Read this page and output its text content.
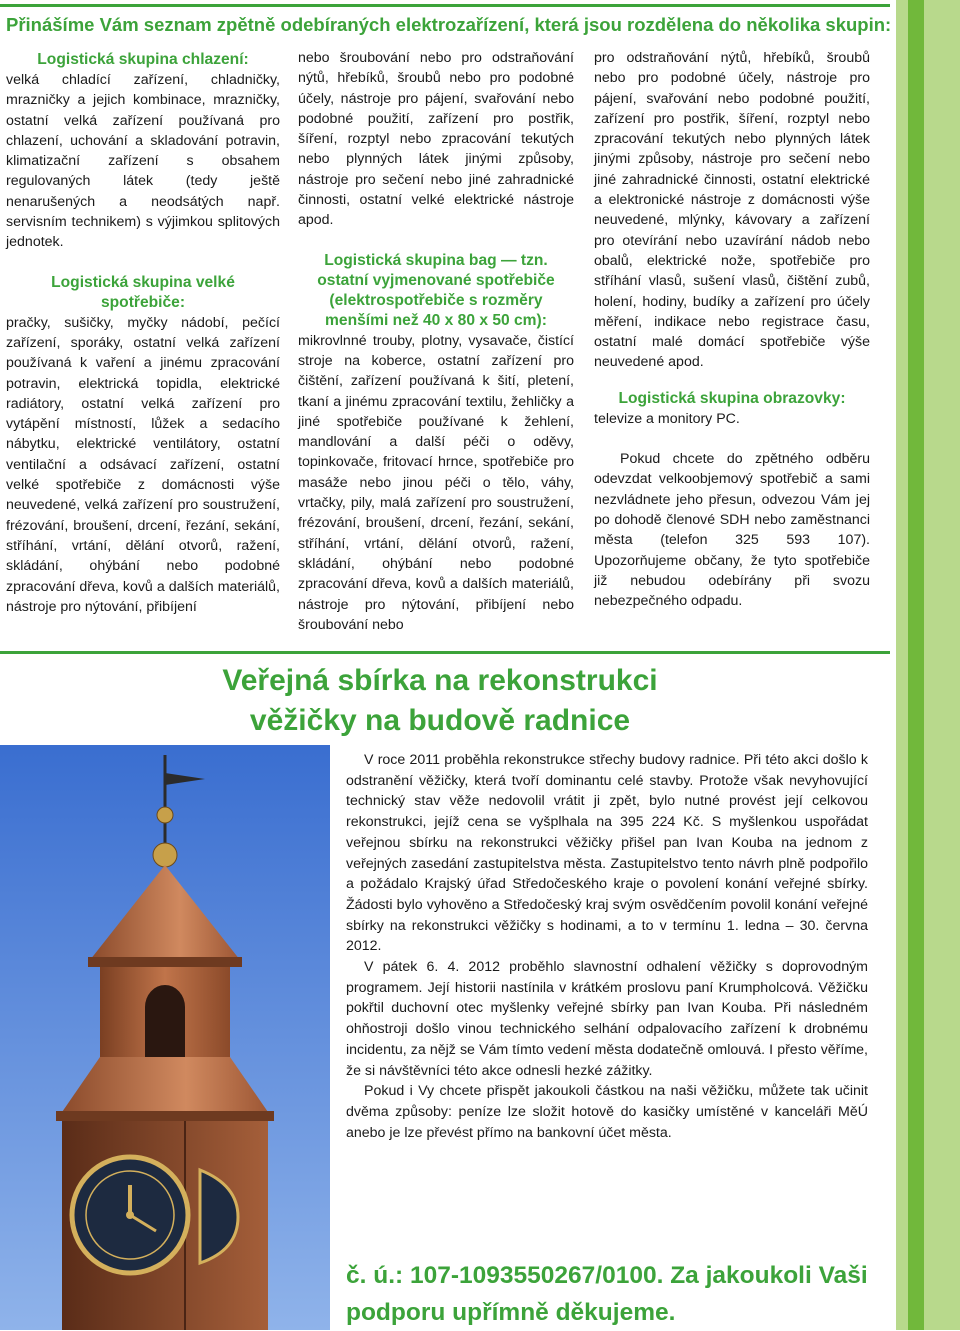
Přinášíme Vám seznam zpětně odebíraných elektrozařízení, která jsou rozdělena do několika skupin:
Logistická skupina chlazení:

velká chladící zařízení, chladničky, mrazničky a jejich kombinace, mrazničky, ostatní velká zařízení používaná pro chlazení, uchování a skladování potravin, klimatizační zařízení s obsahem regulovaných látek (tedy ještě nenarušených a neodsátých např. servisním technikem) s výjimkou splitových jednotek.

Logistická skupina velké
spotřebiče:

pračky, sušičky, myčky nádobí, pečící zařízení, sporáky, ostatní velká zařízení používaná k vaření a jinému zpracování potravin, elektrická topidla, elektrické radiátory, ostatní velká zařízení pro vytápění místností, lůžek a sedacího nábytku, elektrické ventilátory, ostatní ventilační a odsávací zařízení, ostatní velké spotřebiče z domácnosti výše neuvedené, velká zařízení pro soustružení, frézování, broušení, drcení, řezání, sekání, stříhání, vrtání, dělání otvorů, ražení, skládání, ohýbání nebo podobné zpracování dřeva, kovů a dalších materiálů, nástroje pro nýtování, přibíjení

nebo šroubování nebo pro odstraňování nýtů, hřebíků, šroubů nebo pro podobné účely, nástroje pro pájení, svařování nebo podobné použití, zařízení pro postřik, šíření, rozptyl nebo zpracování tekutých nebo plynných látek jinými způsoby, nástroje pro sečení nebo jiné zahradnické činnosti, ostatní velké elektrické nástroje apod.

Logistická skupina bag — tzn.
ostatní vyjmenované spotřebiče
(elektrospotřebiče s rozměry
menšími než 40 x 80 x 50 cm):

mikrovlnné trouby, plotny, vysavače, čistící stroje na koberce, ostatní zařízení pro čištění, zařízení používaná k šití, pletení, tkaní a jinému zpracování textilu, žehličky a jiné spotřebiče používané k žehlení, mandlování a další péči o oděvy, topinkovače, fritovací hrnce, spotřebiče pro masáže nebo jinou péči o tělo, váhy, vrtačky, pily, malá zařízení pro soustružení, frézování, broušení, drcení, řezání, sekání, stříhání, vrtání, dělání otvorů, ražení, skládání, ohýbání nebo podobné zpracování dřeva, kovů a dalších materiálů, nástroje pro nýtování, přibíjení nebo šroubování nebo

pro odstraňování nýtů, hřebíků, šroubů nebo pro podobné účely, nástroje pro pájení, svařování nebo podobné použití, zařízení pro postřik, šíření, rozptyl nebo zpracování tekutých nebo plynných látek jinými způsoby, nástroje pro sečení nebo jiné zahradnické činnosti, ostatní elektrické a elektronické nástroje z domácnosti výše neuvedené, mlýnky, kávovary a zařízení pro otevírání nebo uzavírání nádob nebo obalů, elektrické nože, spotřebiče pro stříhání vlasů, sušení vlasů, čištění zubů, holení, hodiny, budíky a zařízení pro účely měření, indikace nebo registrace času, ostatní malé domácí spotřebiče výše neuvedené apod.

Logistická skupina obrazovky:

televize a monitory PC.

Pokud chcete do zpětného odběru odevzdat velkoobjemový spotřebič a sami nezvládnete jeho přesun, odvezou Vám jej po dohodě členové SDH nebo zaměstnanci města (telefon 325 593 107). Upozorňujeme občany, že tyto spotřebiče již nebudou odebírány při svozu nebezpečného odpadu.

Veřejná sbírka na rekonstrukci
věžičky na budově radnice

V roce 2011 proběhla rekonstrukce střechy budovy radnice. Při této akci došlo k odstranění věžičky, která tvoří dominantu celé stavby. Protože však nevyhovující technický stav věže nedovolil vrátit ji zpět, bylo nutné provést její celkovou rekonstrukci, jejíž cena se vyšplhala na 395 224 Kč. S myšlenkou uspořádat veřejnou sbírku na rekonstrukci věžičky přišel pan Ivan Kouba na jednom z veřejných zasedání zastupitelstva města. Zastupitelstvo tento návrh plně podpořilo a požádalo Krajský úřad Středočeského kraje o povolení konání veřejné sbírky. Žádosti bylo vyhověno a Středočeský kraj svým osvědčením povolil konání veřejné sbírky na rekonstrukci věžičky s hodinami, a to v termínu 1. ledna – 30. června 2012.

V pátek 6. 4. 2012 proběhlo slavnostní odhalení věžičky s doprovodným programem. Její historii nastínila v krátkém proslovu paní Krumpholcová. Věžičku pokřtil duchovní otec myšlenky veřejné sbírky pan Ivan Kouba. Při následném ohňostroji došlo vinou technického selhání odpalovacího zařízení k drobnému incidentu, za nějž se Vám tímto vedení města dodatečně omlouvá. I přesto věříme, že si návštěvníci této akce odnesli hezké zážitky.

Pokud i Vy chcete přispět jakoukoli částkou na naši věžičku, můžete tak učinit dvěma způsoby: peníze lze složit hotově do kasičky umístěné v kanceláři MěÚ anebo je lze převést přímo na bankovní účet města.

č. ú.: 107-1093550267/0100. Za jakoukoli Vaši podporu upřímně děkujeme.
